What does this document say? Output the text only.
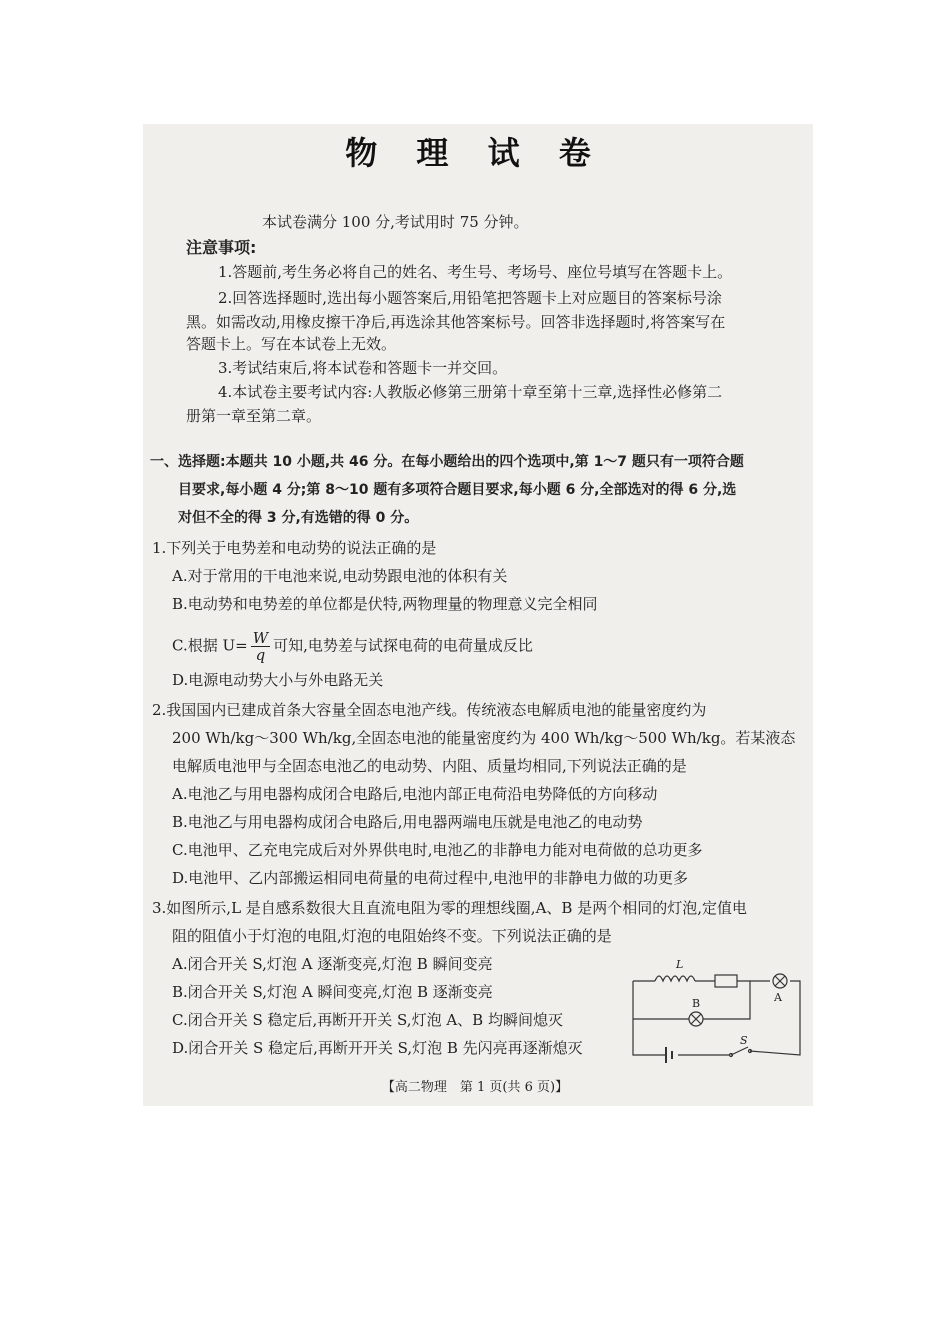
物 理 试 卷
本试卷满分 100 分,考试用时 75 分钟。
注意事项:
1.答题前,考生务必将自己的姓名、考生号、考场号、座位号填写在答题卡上。
2.回答选择题时,选出每小题答案后,用铅笔把答题卡上对应题目的答案标号涂
黑。如需改动,用橡皮擦干净后,再选涂其他答案标号。回答非选择题时,将答案写在
答题卡上。写在本试卷上无效。
3.考试结束后,将本试卷和答题卡一并交回。
4.本试卷主要考试内容:人教版必修第三册第十章至第十三章,选择性必修第二
册第一章至第二章。
一、选择题:本题共 10 小题,共 46 分。在每小题给出的四个选项中,第 1～7 题只有一项符合题
目要求,每小题 4 分;第 8～10 题有多项符合题目要求,每小题 6 分,全部选对的得 6 分,选
对但不全的得 3 分,有选错的得 0 分。
1.下列关于电势差和电动势的说法正确的是
A.对于常用的干电池来说,电动势跟电池的体积有关
B.电动势和电势差的单位都是伏特,两物理量的物理意义完全相同
C.根据 $U= \frac{W}{q}$ 可知,电势差与试探电荷的电荷量成反比
D.电源电动势大小与外电路无关
2.我国国内已建成首条大容量全固态电池产线。传统液态电解质电池的能量密度约为
200 Wh/kg～300 Wh/kg,全固态电池的能量密度约为 400 Wh/kg～500 Wh/kg。若某液态
电解质电池甲与全固态电池乙的电动势、内阻、质量均相同,下列说法正确的是
A.电池乙与用电器构成闭合电路后,电池内部正电荷沿电势降低的方向移动
B.电池乙与用电器构成闭合电路后,用电器两端电压就是电池乙的电动势
C.电池甲、乙充电完成后对外界供电时,电池乙的非静电力能对电荷做的总功更多
D.电池甲、乙内部搬运相同电荷量的电荷过程中,电池甲的非静电力做的功更多
3.如图所示,L 是自感系数很大且直流电阻为零的理想线圈,A、B 是两个相同的灯泡,定值电
阻的阻值小于灯泡的电阻,灯泡的电阻始终不变。下列说法正确的是
A.闭合开关 S,灯泡 A 逐渐变亮,灯泡 B 瞬间变亮
B.闭合开关 S,灯泡 A 瞬间变亮,灯泡 B 逐渐变亮
C.闭合开关 S 稳定后,再断开开关 S,灯泡 A、B 均瞬间熄灭
D.闭合开关 S 稳定后,再断开开关 S,灯泡 B 先闪亮再逐渐熄灭
L
B	A
S
【高二物理　第 1 页(共 6 页)】
